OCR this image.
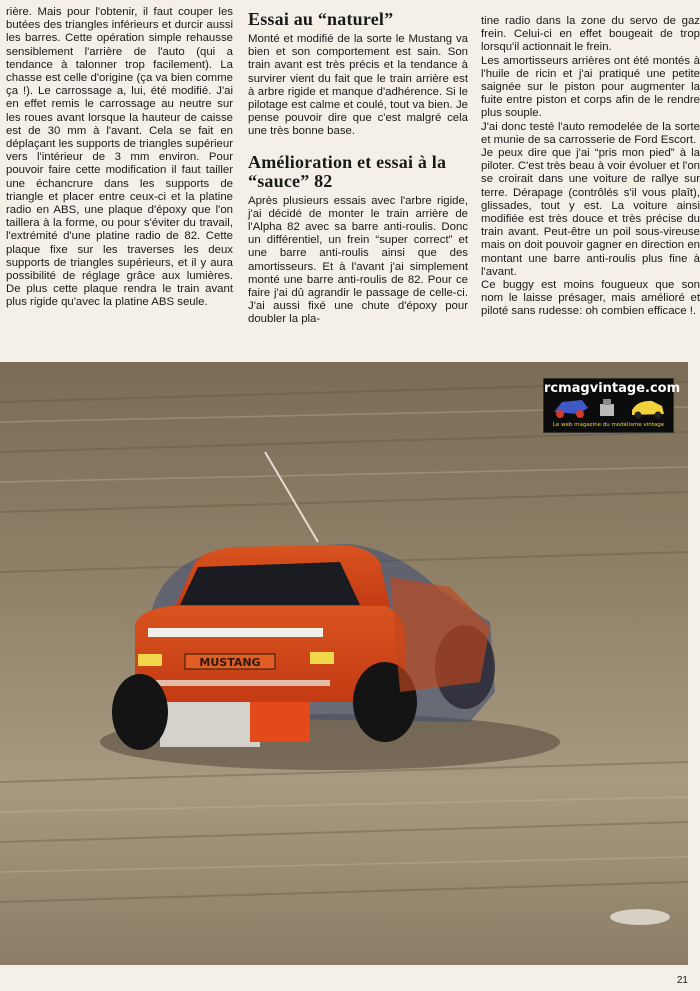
rière. Mais pour l'obtenir, il faut couper les butées des triangles inférieurs et durcir aussi les barres. Cette opération simple rehausse sensiblement l'arrière de l'auto (qui a tendance à talonner trop facilement). La chasse est celle d'origine (ça va bien comme ça !). Le carrossage a, lui, été modifié. J'ai en effet remis le carrossage au neutre sur les roues avant lorsque la hauteur de caisse est de 30 mm à l'avant. Cela se fait en déplaçant les supports de triangles supérieur vers l'intérieur de 3 mm environ. Pour pouvoir faire cette modification il faut tailler une échancrure dans les supports de triangle et placer entre ceux-ci et la platine radio en ABS, une plaque d'époxy que l'on taillera à la forme, ou pour s'éviter du travail, l'extrémité d'une platine radio de 82. Cette plaque fixe sur les traverses les deux supports de triangles supérieurs, et il y aura possibilité de réglage grâce aux lumières. De plus cette plaque rendra le train avant plus rigide qu'avec la platine ABS seule.

Essai au “naturel”

Monté et modifié de la sorte le Mustang va bien et son comportement est sain. Son train avant est très précis et la tendance à survirer vient du fait que le train arrière est à arbre rigide et manque d'adhérence. Si le pilotage est calme et coulé, tout va bien. Je pense pouvoir dire que c'est malgré cela une très bonne base.

Amélioration et essai à la “sauce” 82

Après plusieurs essais avec l'arbre rigide, j'ai décidé de monter le train arrière de l'Alpha 82 avec sa barre anti-roulis. Donc un différentiel, un frein “super correct” et une barre anti-roulis ainsi que des amortisseurs. Et à l'avant j'ai simplement monté une barre anti-roulis de 82. Pour ce faire j'ai dû agrandir le passage de celle-ci. J'ai aussi fixé une chute d'époxy pour doubler la pla-

tine radio dans la zone du servo de gaz frein. Celui-ci en effet bougeait de trop lorsqu'il actionnait le frein.

Les amortisseurs arrières ont été montés à l'huile de ricin et j'ai pratiqué une petite saignée sur le piston pour augmenter la fuite entre piston et corps afin de le rendre plus souple.

J'ai donc testé l'auto remodelée de la sorte et munie de sa carrosserie de Ford Escort.

Je peux dire que j'ai “pris mon pied” à la piloter. C'est très beau à voir évoluer et l'on se croirait dans une voiture de rallye sur terre. Dérapage (contrôlés s'il vous plaît), glissades, tout y est. La voiture ainsi modifiée est très douce et très précise du train avant. Peut-être un poil sous-vireuse mais on doit pouvoir gagner en direction en montant une barre anti-roulis plus fine à l'avant.

Ce buggy est moins fougueux que son nom le laisse présager, mais amélioré et piloté sans rudesse: oh combien efficace !.

MUSTANG
rcmagvintage.com
Le web magazine du modélisme vintage
21
